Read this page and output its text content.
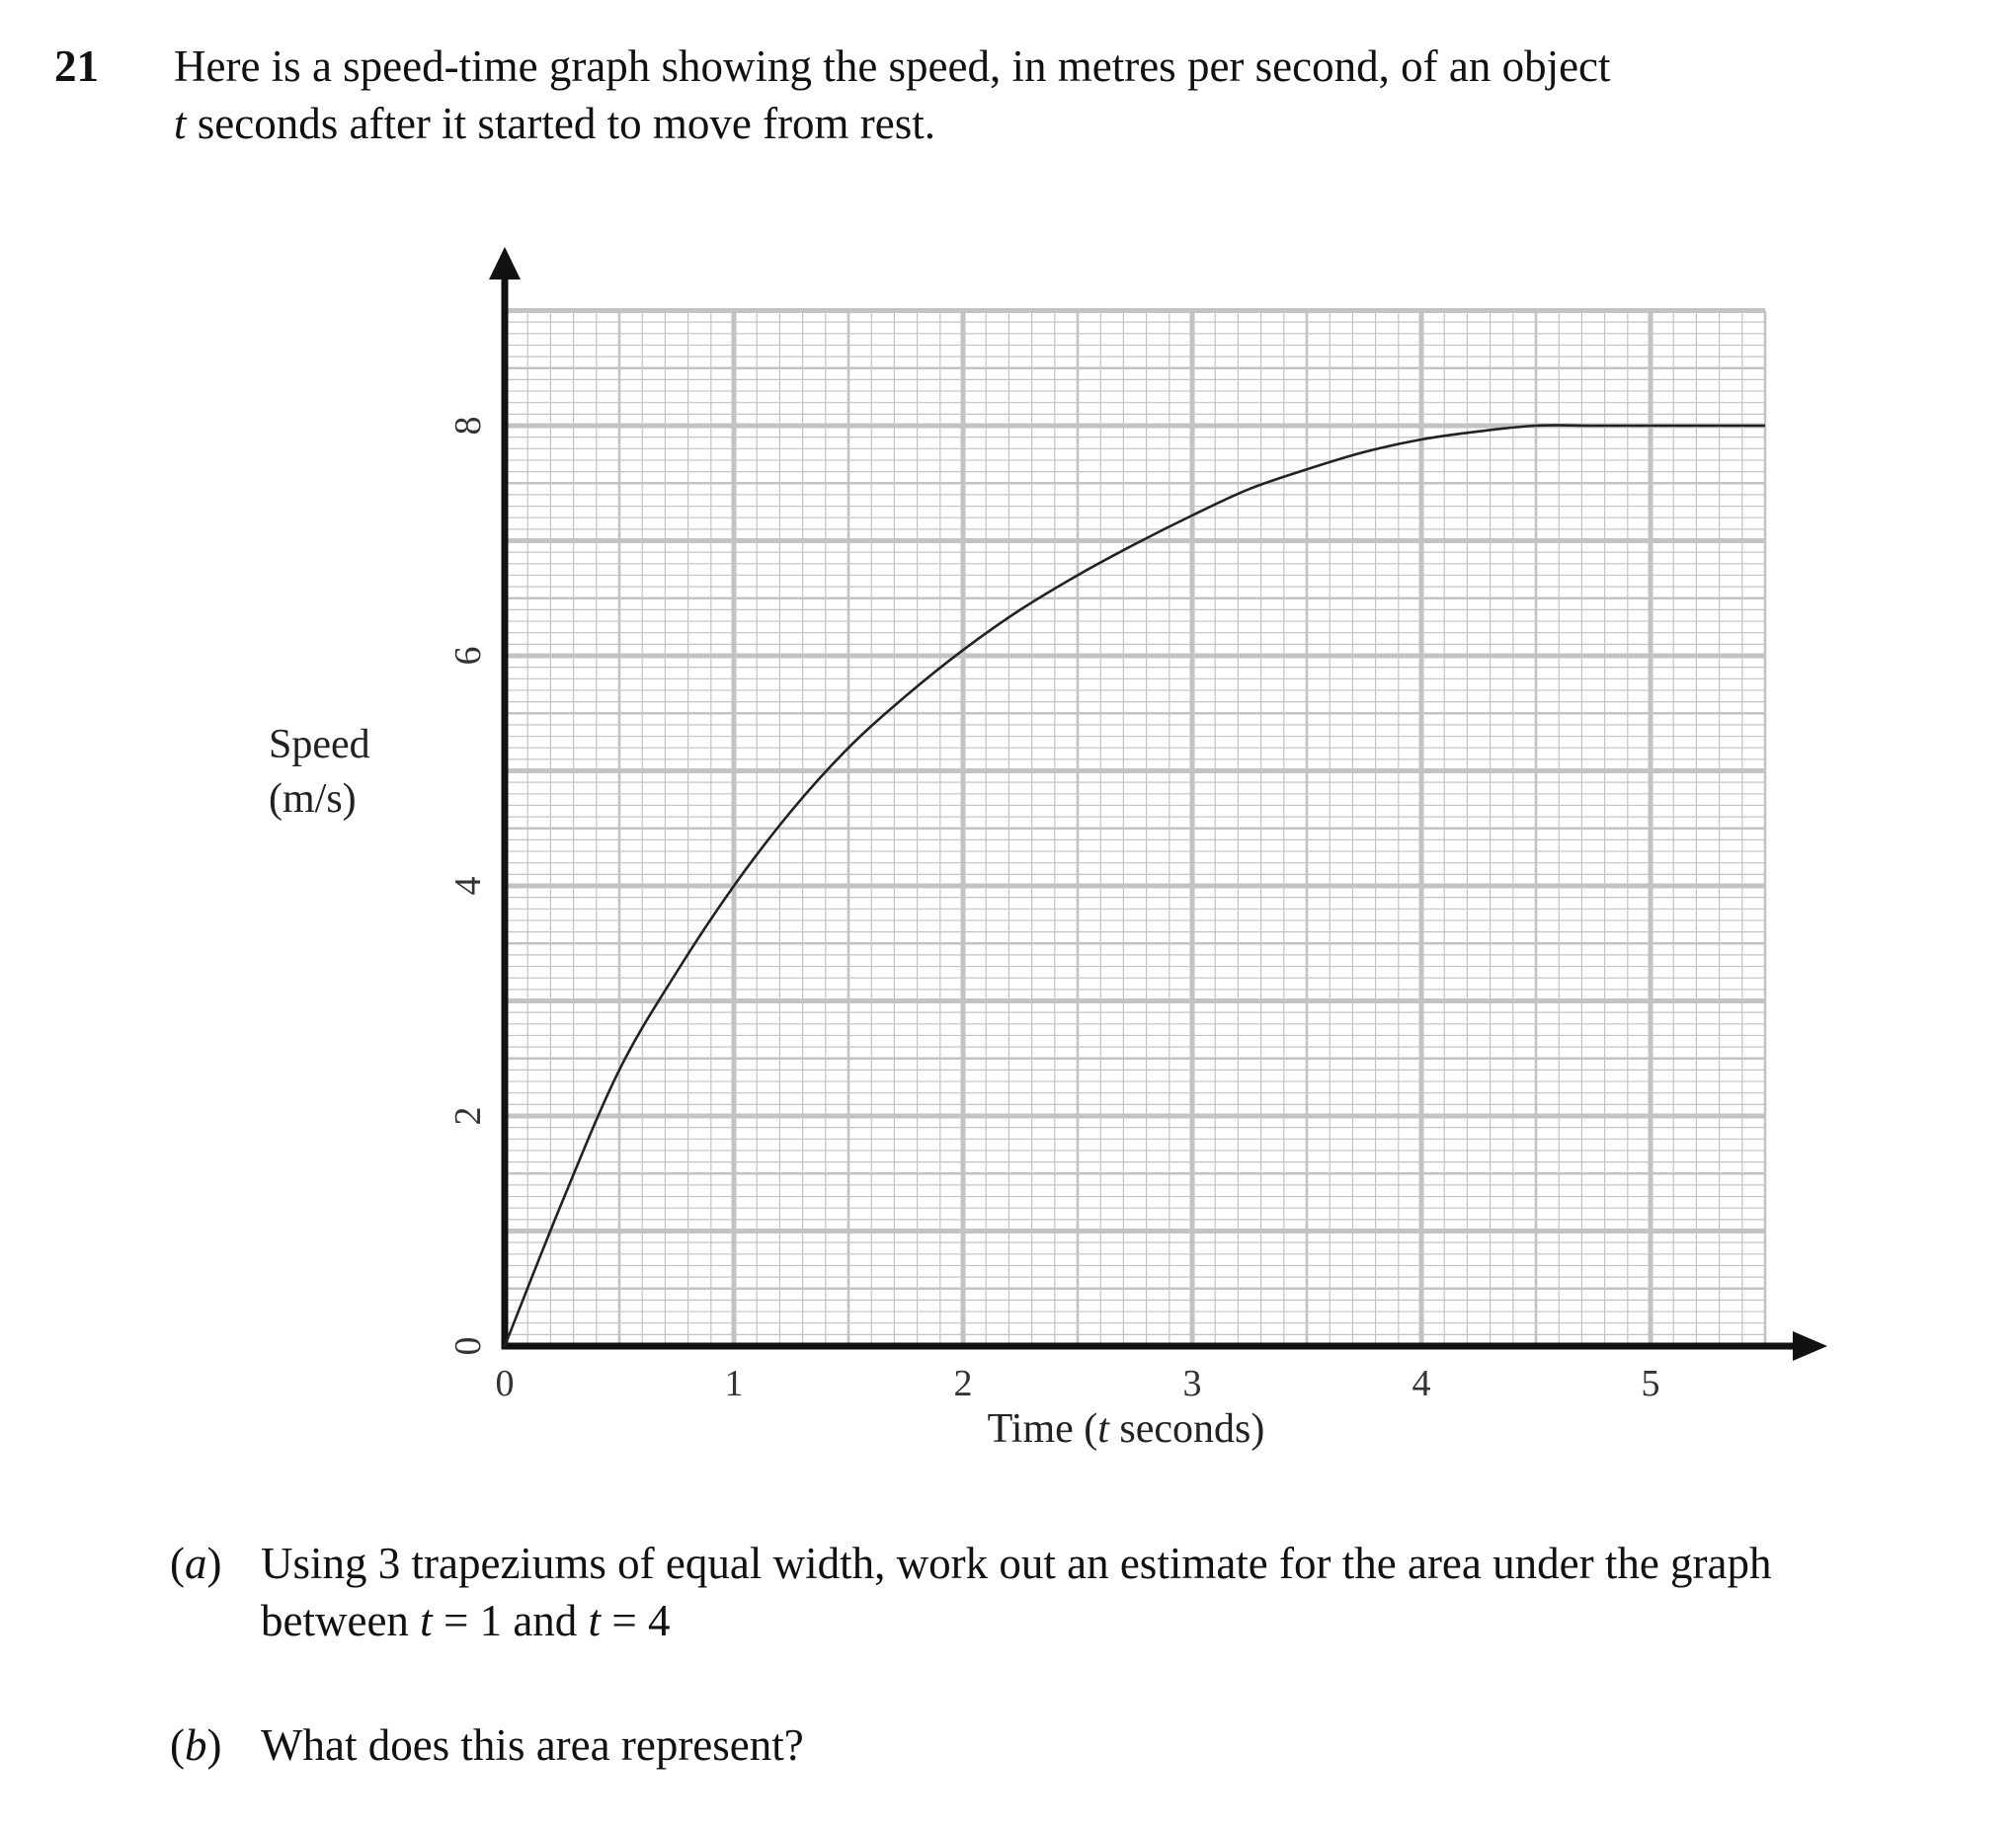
21 Here is a speed-time graph showing the speed, in metres per second, of an object
t seconds after it started to move from rest.
0	1	2	3	4	5
0
2
4
6
8
Speed
(m/s)
Time (t seconds)
(a) Using 3 trapeziums of equal width, work out an estimate for the area under the graph
between t = 1 and t = 4
(b) What does this area represent?
